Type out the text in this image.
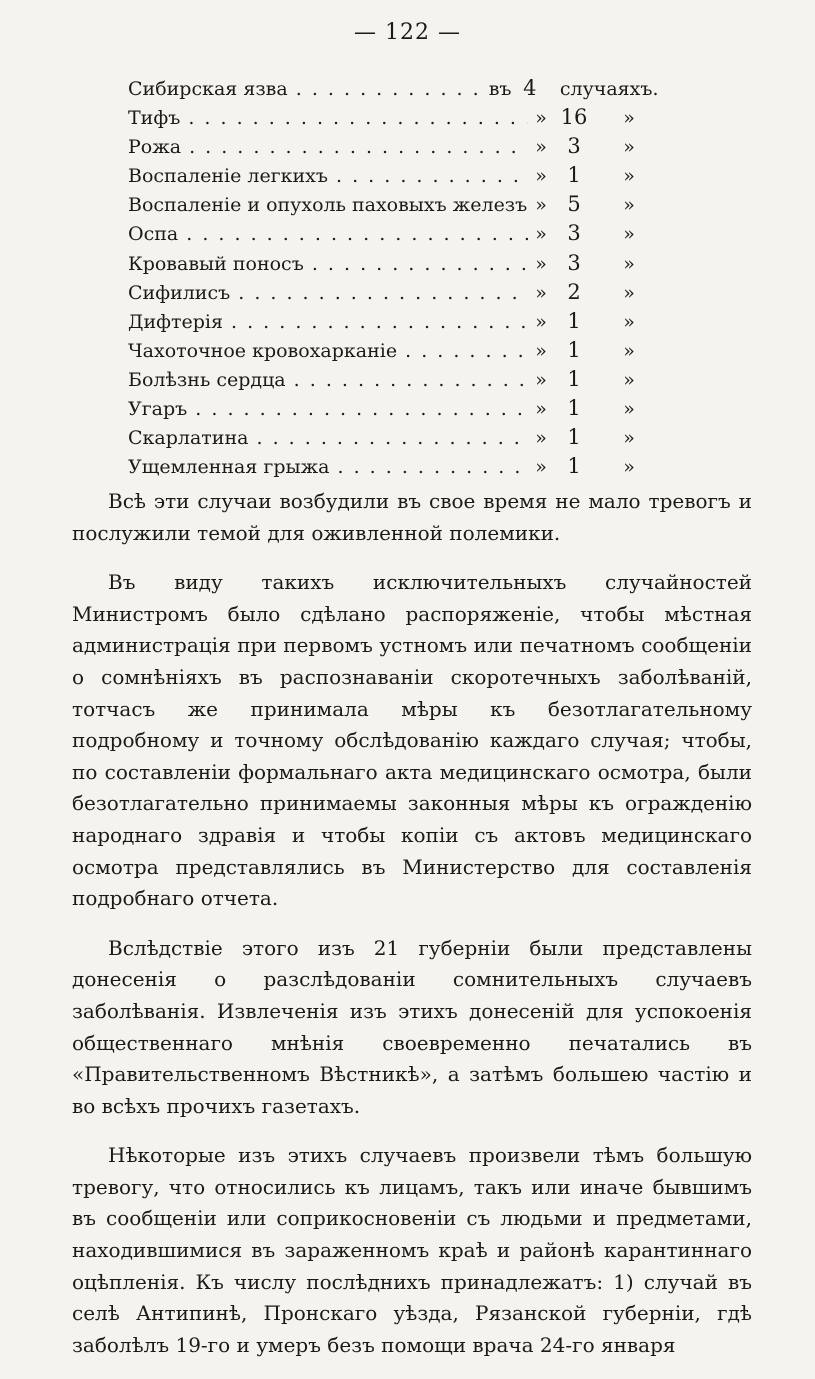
— 122 —
Сибирская язва . . .	въ 4	случаяхъ.
Тифъ . . .	» 16	»
Рожа . . .	» 3	»
Воспаленіе легкихъ . . .	» 1	»
Воспаленіе и опухоль паховыхъ железъ . . . » 5	»
Оспа . . .	» 3	»
Кровавый поносъ . . .	» 3	»
Сифилисъ . . .	» 2	»
Дифтерія . . .	» 1	»
Чахоточное кровохарканіе . . .	» 1	»
Болѣзнь сердца . . .	» 1	»
Угаръ . . .	» 1	»
Скарлатина . . .	» 1	»
Ущемленная грыжа . . .	» 1	»

Всѣ эти случаи возбудили въ свое время не мало тревогъ и послужили темой для оживленной полемики.

Въ виду такихъ исключительныхъ случайностей Министромъ было сдѣлано распоряженіе, чтобы мѣстная администрація при первомъ устномъ или печатномъ сообщеніи о сомнѣніяхъ въ распознаваніи скоротечныхъ заболѣваній, тотчасъ же принимала мѣры къ безотлагательному подробному и точному обслѣдованію каждаго случая; чтобы, по составленіи формальнаго акта медицинскаго осмотра, были безотлагательно принимаемы законныя мѣры къ огражденію народнаго здравія и чтобы копіи съ актовъ медицинскаго осмотра представлялись въ Министерство для составленія подробнаго отчета.

Вслѣдствіе этого изъ 21 губерніи были представлены донесенія о разслѣдованіи сомнительныхъ случаевъ заболѣванія. Извлеченія изъ этихъ донесеній для успокоенія общественнаго мнѣнія своевременно печатались въ «Правительственномъ Вѣстникѣ», а затѣмъ большею частію и во всѣхъ прочихъ газетахъ.

Нѣкоторые изъ этихъ случаевъ произвели тѣмъ большую тревогу, что относились къ лицамъ, такъ или иначе бывшимъ въ сообщеніи или соприкосновеніи съ людьми и предметами, находившимися въ зараженномъ краѣ и районѣ карантиннаго оцѣпленія. Къ числу послѣднихъ принадлежатъ: 1) случай въ селѣ Антипинѣ, Пронскаго уѣзда, Рязанской губерніи, гдѣ заболѣлъ 19-го и умеръ безъ помощи врача 24-го января
